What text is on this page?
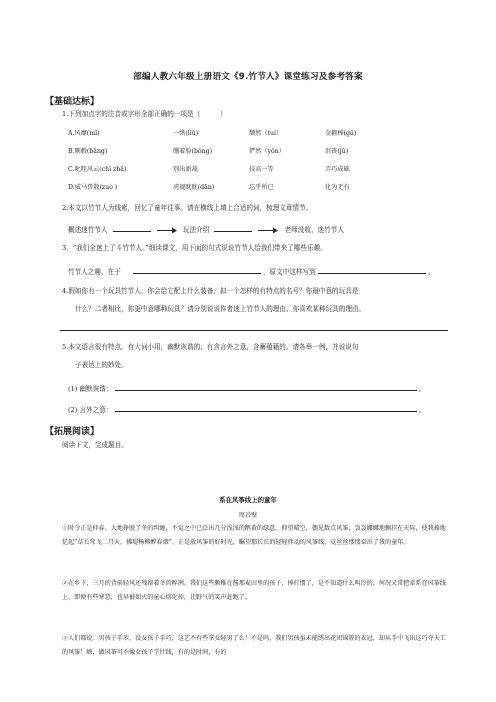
部编人教六年级上册语文《9.竹节人》课堂练习及参考答案
【基础达标】
1.下列加点字的注音或字形全部正确的一项是（　　　）
A.风靡(mǐ)	一绺(liǔ)	颓然（tuí）	金箍棒(gū)
B.剔毂(bǎng)	绷着脸(bǒng)	俨然（yǒn）	沮丧(jǔ)
C.叱咤风云(chì zhā)	别出新裁	技高一等	弄巧成础
D.威马兽散(zuò )	虎视眈眈(dān)	忘乎所已	化为无有
2.本文以竹节人为线索，回忆了童年往事。请在横线上填上合适的词，梳理文章情节。
概述迷竹节人	玩法介绍	老师没收、迷竹节人
3．“我们全迷上了斗竹节人。”细读课文，用下面的句式说说竹节人给我们带来了哪些乐趣。
竹节人之趣，在于	，原文中这样写到	。
4.假如你有一个玩具竹节人，你会给它配上什么装备，拟一个怎样的有特点的名号？你最中意的玩具是
什么？二者相比，你更中意哪种玩具？请分别说说作者迷上竹节人的理由、你喜欢某种玩具的理由。
5.本文语言很有特点。有大词小用，幽默诙谐的；有含言外之意，含蓄蕴藉的。请各举一例，并说说句
子表达上的妙处。
(1) 幽默诙谐：	。
(2) 言外之意：	。
【拓展阅读】
阅读下文，完成题目。
系在风筝线上的童年
周岩壁
①时令正是仲春。大地挣脱了冬的纠缠，不觉之中已泛出几分浅浅的鹅黄的绿意。仰望晴空，偶见数点风筝，袅袅娜娜地飘挂在天际，使我蓦地忆起“草长莺飞二月天，拂堤杨柳醉春烟”。正是放风筝的好时光，瞩望那长长的轻轻拌动的风筝线，竟丝丝缕缕牵出了我的童年。
②在乡下，三月的背前轻风还残留着冬的粹冽。我们这些颇稚在酱那麦田里的孩子，捧打惯了，是不知道什么叫冷的。何况又常把牵系在风筝线上，即便有些寒意，也早被如火的童心熔化掉，让野气的笑声赶跑了。
③人们都说：男孩子手苯，没女孩子手巧，这艺不有些拿女轻男了么！不是吗，我们男孩虽未能绣出花团锦簇的衣冠，却从手中飞出这巧夺天工的风筝！嗨，做风筝可不像女孩子学针线，有的是时间，有的
